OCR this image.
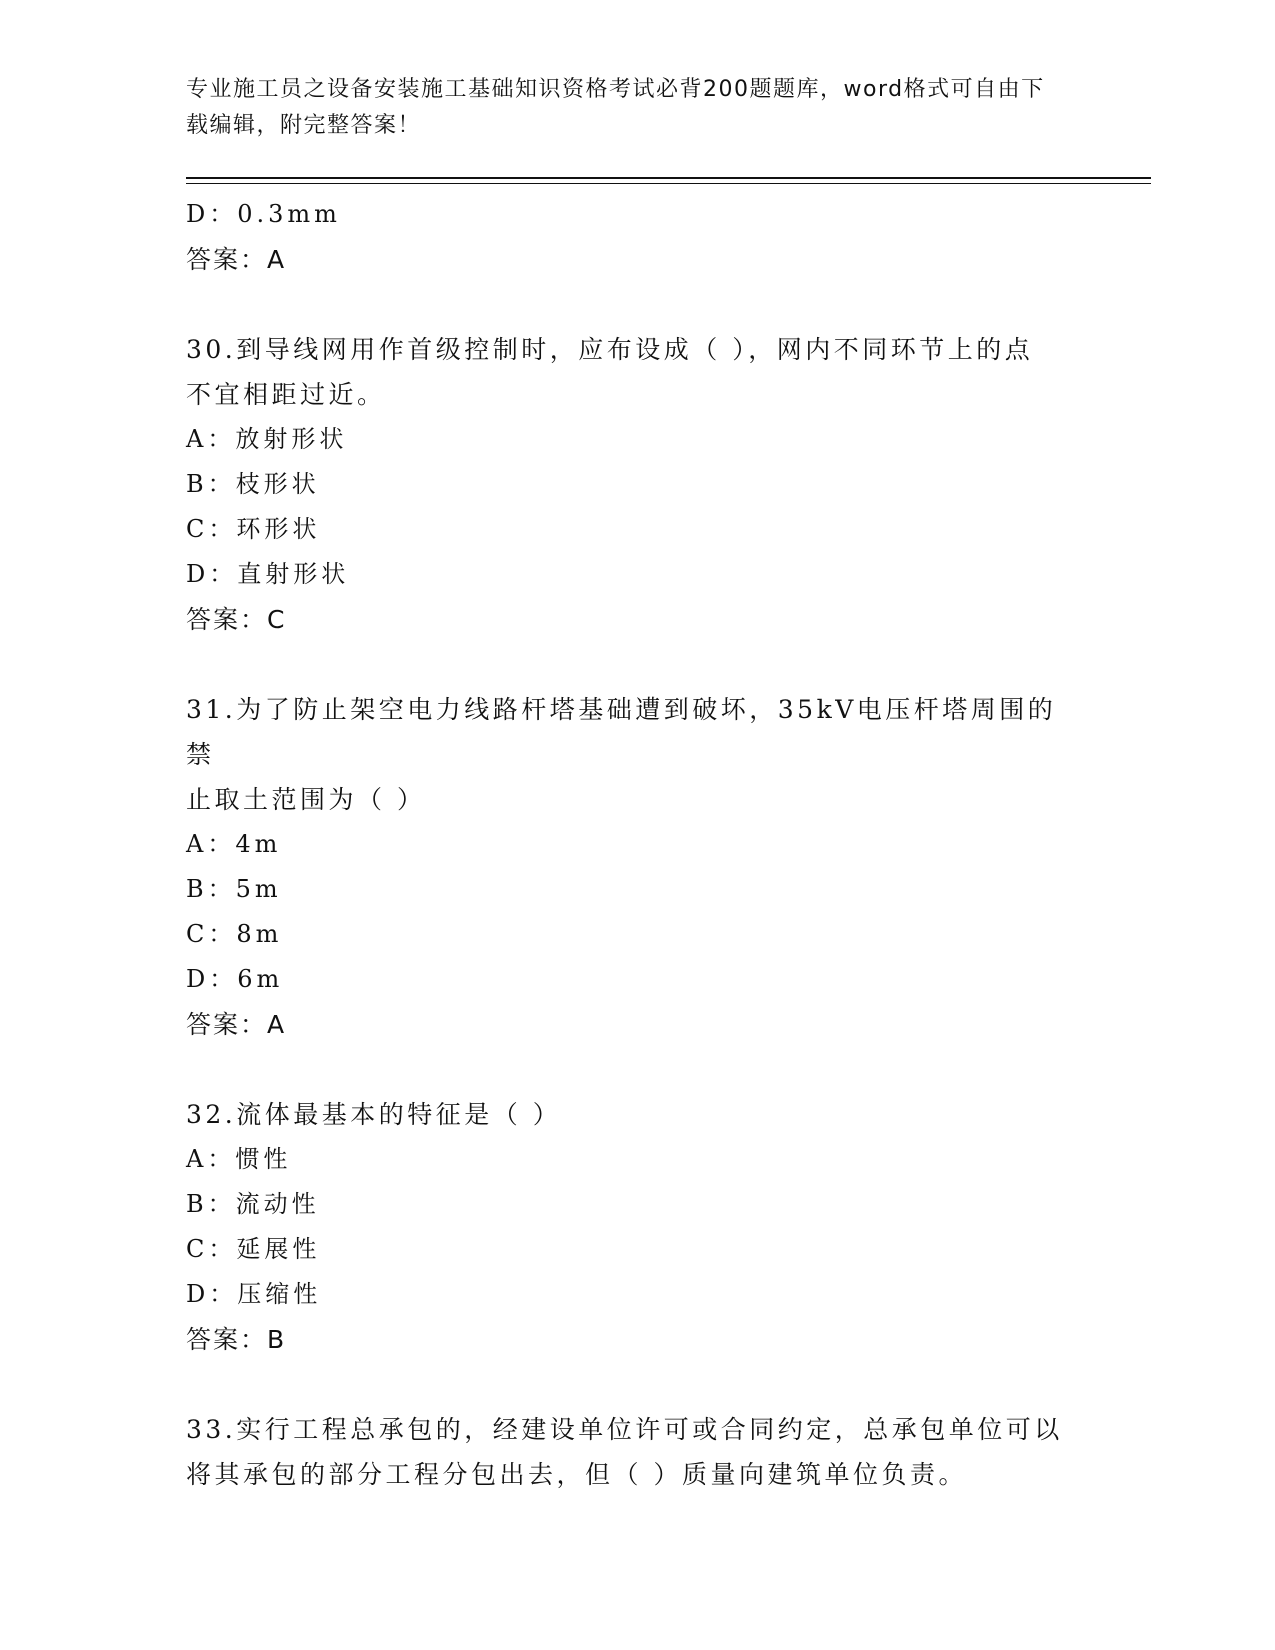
专业施工员之设备安装施工基础知识资格考试必背200题题库，word格式可自由下载编辑，附完整答案！

D：0.3mm

答案：A

30.到导线网用作首级控制时，应布设成（ ），网内不同环节上的点

不宜相距过近。

A：放射形状

B：枝形状

C：环形状

D：直射形状

答案：C

31.为了防止架空电力线路杆塔基础遭到破坏，35kV电压杆塔周围的禁

止取土范围为（ ）

A：4m

B：5m

C：8m

D：6m

答案：A

32.流体最基本的特征是（ ）

A：惯性

B：流动性

C：延展性

D：压缩性

答案：B

33.实行工程总承包的，经建设单位许可或合同约定，总承包单位可以

将其承包的部分工程分包出去，但（ ）质量向建筑单位负责。
